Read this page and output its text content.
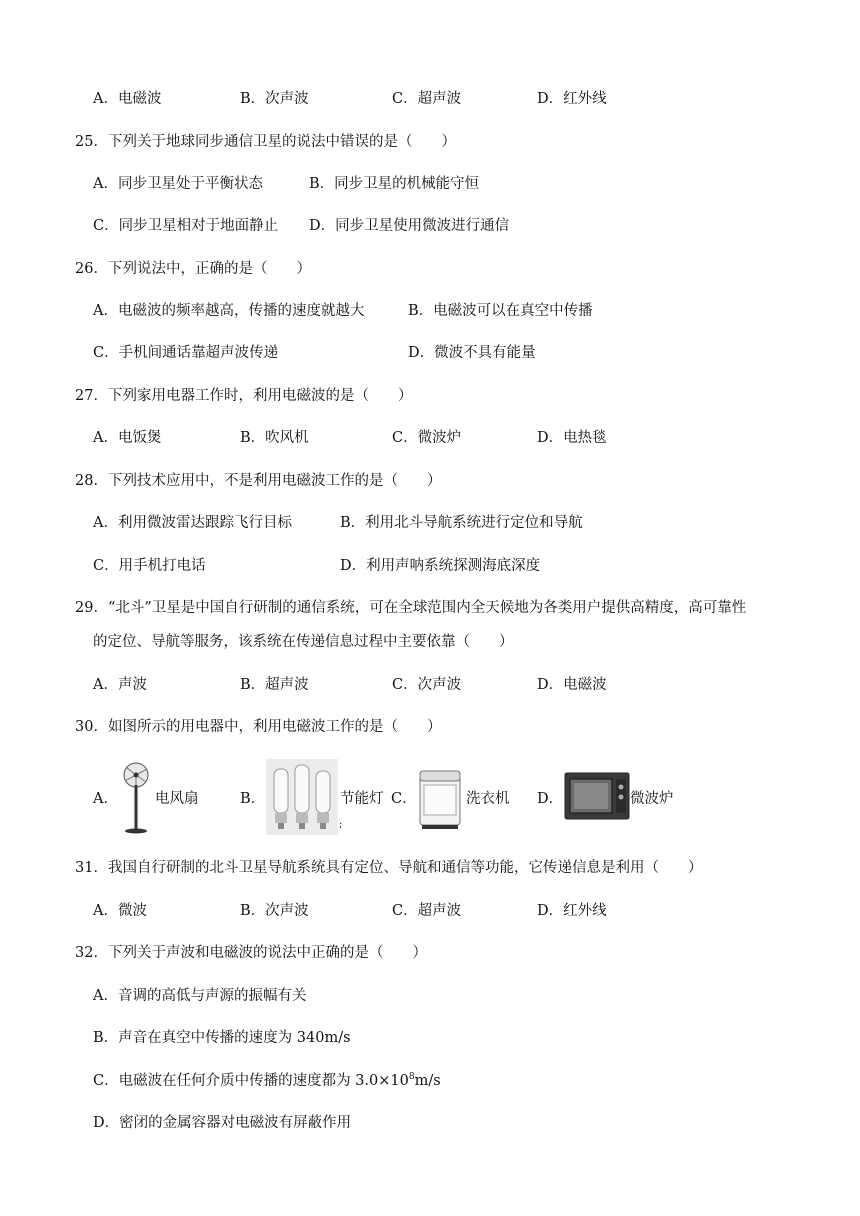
A．电磁波	B．次声波	C．超声波	D．红外线
25．下列关于地球同步通信卫星的说法中错误的是（　　）
A．同步卫星处于平衡状态	B．同步卫星的机械能守恒
C．同步卫星相对于地面静止 D．同步卫星使用微波进行通信
26．下列说法中，正确的是（　　）
A．电磁波的频率越高，传播的速度就越大	B．电磁波可以在真空中传播
C．手机间通话靠超声波传递	D．微波不具有能量
27．下列家用电器工作时，利用电磁波的是（　　）
A．电饭煲	B．吹风机	C．微波炉	D．电热毯
28．下列技术应用中，不是利用电磁波工作的是（　　）
A．利用微波雷达跟踪飞行目标	B．利用北斗导航系统进行定位和导航
C．用手机打电话	D．利用声呐系统探测海底深度
29．“北斗”卫星是中国自行研制的通信系统，可在全球范围内全天候地为各类用户提供高精度，高可靠性
的定位、导航等服务，该系统在传递信息过程中主要依靠（　　）
A．声波	B．超声波	C．次声波	D．电磁波
30．如图所示的用电器中，利用电磁波工作的是（　　）
A．	电风扇	B．	节能灯
;
C．	洗衣机 D．	微波炉
31．我国自行研制的北斗卫星导航系统具有定位、导航和通信等功能，它传递信息是利用（　　）
A．微波	B．次声波	C．超声波	D．红外线
32．下列关于声波和电磁波的说法中正确的是（　　）
A．音调的高低与声源的振幅有关
B．声音在真空中传播的速度为 340m/s
C．电磁波在任何介质中传播的速度都为 $3.0\times 10^8m/s$
D．密闭的金属容器对电磁波有屏蔽作用
